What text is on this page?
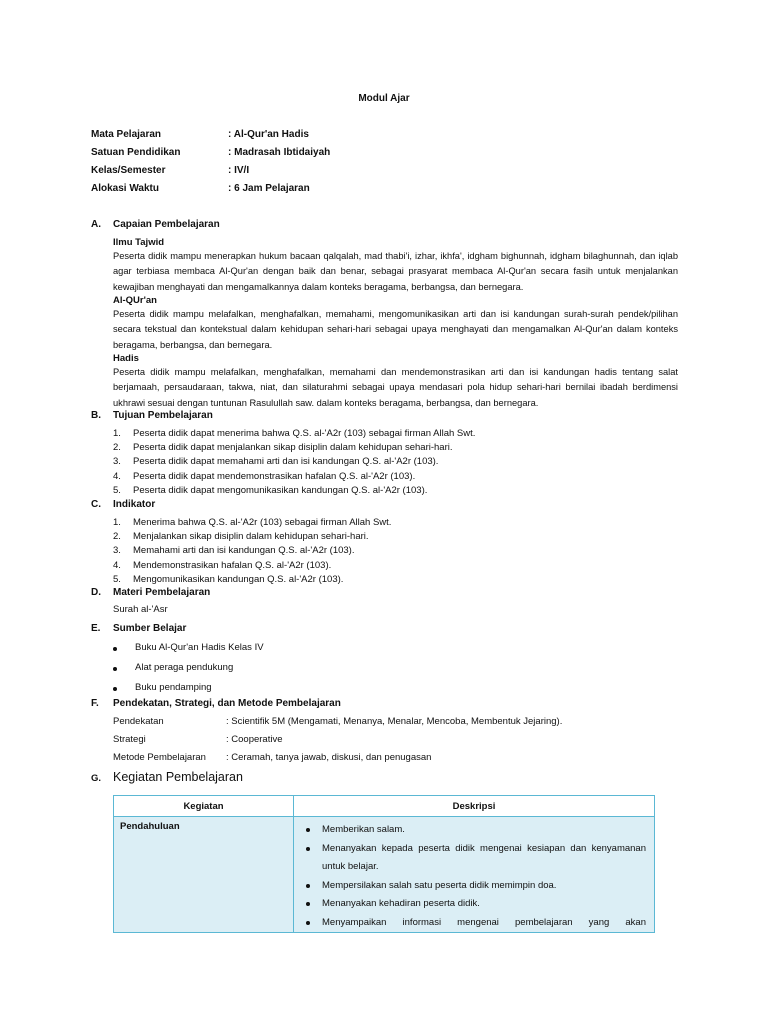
Modul Ajar
Mata Pelajaran	: Al-Qur'an Hadis
Satuan Pendidikan	: Madrasah Ibtidaiyah
Kelas/Semester	: IV/I
Alokasi Waktu	: 6 Jam Pelajaran
A. Capaian Pembelajaran
Ilmu Tajwid
Peserta didik mampu menerapkan hukum bacaan qalqalah, mad thabi'i, izhar, ikhfa', idgham bighunnah, idgham bilaghunnah, dan iqlab agar terbiasa membaca Al-Qur'an dengan baik dan benar, sebagai prasyarat membaca Al-Qur'an secara fasih untuk menjalankan kewajiban menghayati dan mengamalkannya dalam konteks beragama, berbangsa, dan bernegara.
Al-QUr'an
Peserta didik mampu melafalkan, menghafalkan, memahami, mengomunikasikan arti dan isi kandungan surah-surah pendek/pilihan secara tekstual dan kontekstual dalam kehidupan sehari-hari sebagai upaya menghayati dan mengamalkan Al-Qur'an dalam konteks beragama, berbangsa, dan bernegara.
Hadis
Peserta didik mampu melafalkan, menghafalkan, memahami dan mendemonstrasikan arti dan isi kandungan hadis tentang salat berjamaah, persaudaraan, takwa, niat, dan silaturahmi sebagai upaya mendasari pola hidup sehari-hari bernilai ibadah berdimensi ukhrawi sesuai dengan tuntunan Rasulullah saw. dalam konteks beragama, berbangsa, dan bernegara.
B. Tujuan Pembelajaran
1. Peserta didik dapat menerima bahwa Q.S. al-'A2r (103) sebagai firman Allah Swt.
2. Peserta didik dapat menjalankan sikap disiplin dalam kehidupan sehari-hari.
3. Peserta didik dapat memahami arti dan isi kandungan Q.S. al-'A2r (103).
4. Peserta didik dapat mendemonstrasikan hafalan Q.S. al-'A2r (103).
5. Peserta didik dapat mengomunikasikan kandungan Q.S. al-'A2r (103).
C. Indikator
1. Menerima bahwa Q.S. al-'A2r (103) sebagai firman Allah Swt.
2. Menjalankan sikap disiplin dalam kehidupan sehari-hari.
3. Memahami arti dan isi kandungan Q.S. al-'A2r (103).
4. Mendemonstrasikan hafalan Q.S. al-'A2r (103).
5. Mengomunikasikan kandungan Q.S. al-'A2r (103).
D. Materi Pembelajaran
Surah al-'Asr
E. Sumber Belajar
Buku Al-Qur'an Hadis Kelas IV
Alat peraga pendukung
Buku pendamping
F. Pendekatan, Strategi, dan Metode Pembelajaran
Pendekatan	: Scientifik 5M (Mengamati, Menanya, Menalar, Mencoba, Membentuk Jejaring).
Strategi	: Cooperative
Metode Pembelajaran : Ceramah, tanya jawab, diskusi, dan penugasan
G. Kegiatan Pembelajaran
Kegiatan	Deskripsi
Pendahuluan	Memberikan salam.
Menanyakan kepada peserta didik mengenai kesiapan dan kenyamanan untuk belajar.
Mempersilakan salah satu peserta didik memimpin doa.
Menanyakan kehadiran peserta didik.
Menyampaikan informasi mengenai pembelajaran yang akan
